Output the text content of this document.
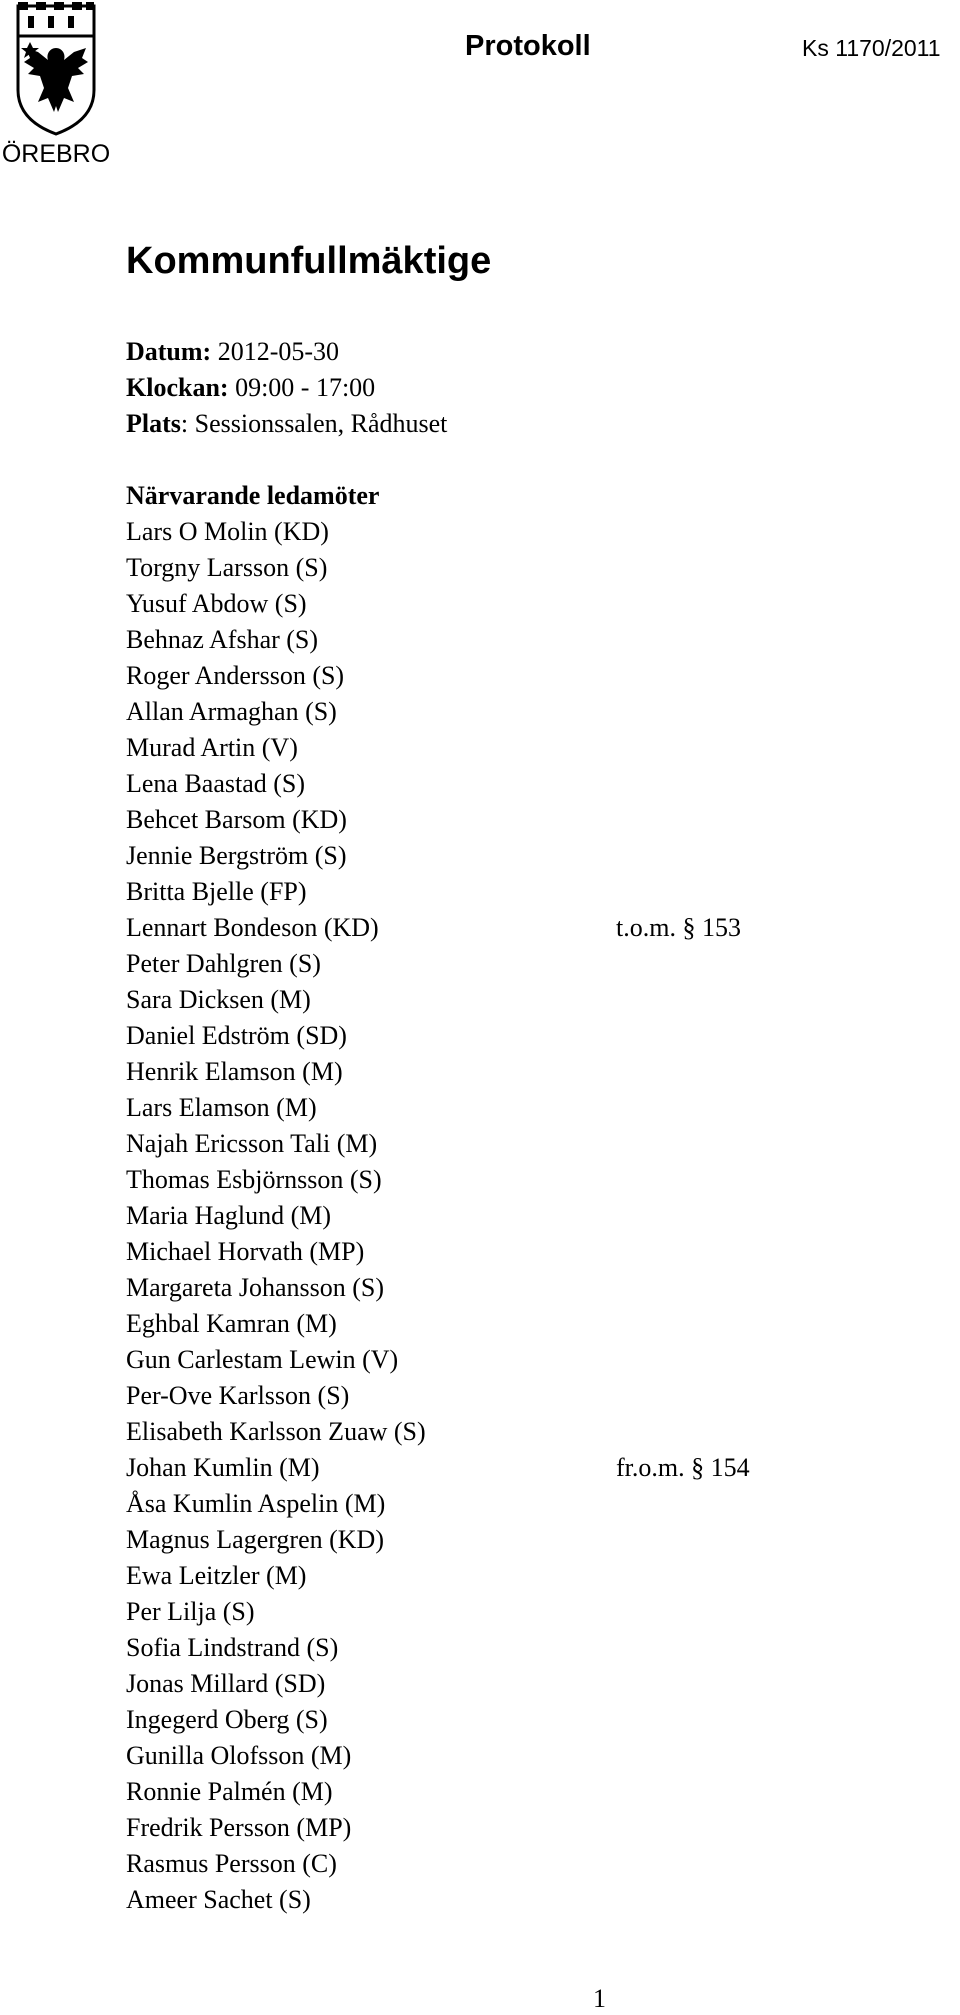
ÖREBRO
Protokoll	Ks 1170/2011
Kommunfullmäktige
Datum: 2012-05-30
Klockan: 09:00 - 17:00
Plats: Sessionssalen, Rådhuset
Närvarande ledamöter
Lars O Molin (KD)
Torgny Larsson (S)
Yusuf Abdow (S)
Behnaz Afshar (S)
Roger Andersson (S)
Allan Armaghan (S)
Murad Artin (V)
Lena Baastad (S)
Behcet Barsom (KD)
Jennie Bergström (S)
Britta Bjelle (FP)
Lennart Bondeson (KD)	t.o.m. § 153
Peter Dahlgren (S)
Sara Dicksen (M)
Daniel Edström (SD)
Henrik Elamson (M)
Lars Elamson (M)
Najah Ericsson Tali (M)
Thomas Esbjörnsson (S)
Maria Haglund (M)
Michael Horvath (MP)
Margareta Johansson (S)
Eghbal Kamran (M)
Gun Carlestam Lewin (V)
Per-Ove Karlsson (S)
Elisabeth Karlsson Zuaw (S)
Johan Kumlin (M)	fr.o.m. § 154
Åsa Kumlin Aspelin (M)
Magnus Lagergren (KD)
Ewa Leitzler (M)
Per Lilja (S)
Sofia Lindstrand (S)
Jonas Millard (SD)
Ingegerd Oberg (S)
Gunilla Olofsson (M)
Ronnie Palmén (M)
Fredrik Persson (MP)
Rasmus Persson (C)
Ameer Sachet (S)
1
